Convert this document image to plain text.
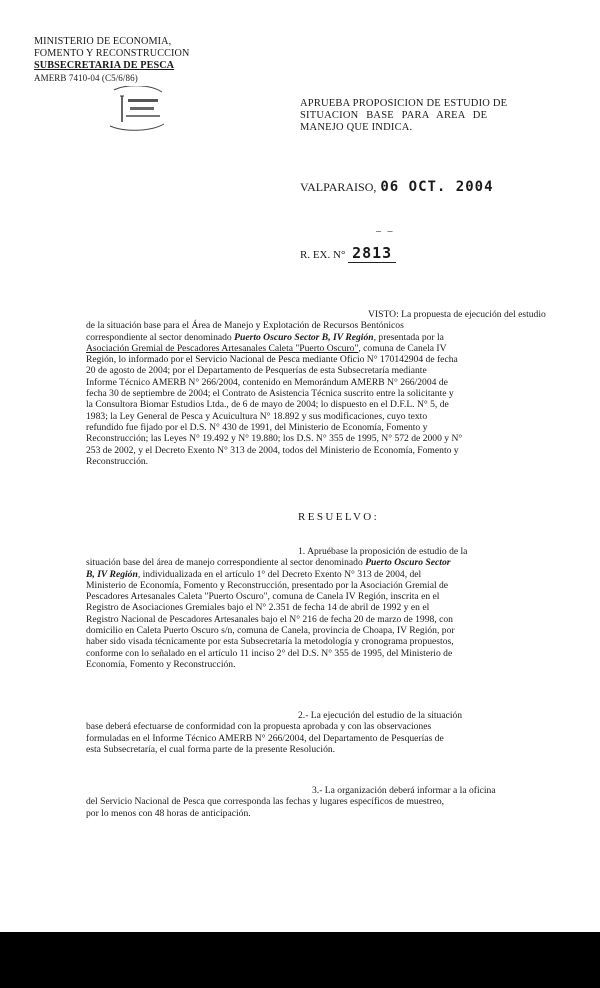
MINISTERIO DE ECONOMIA,
FOMENTO Y RECONSTRUCCION
SUBSECRETARIA DE PESCA
AMERB 7410-04 (C5/6/86)
APRUEBA PROPOSICION DE ESTUDIO DE
SITUACION BASE PARA AREA DE
MANEJO QUE INDICA.
VALPARAISO, 06 OCT. 2004
– –
R. EX. N° 2813
VISTO: La propuesta de ejecución del estudio
de la situación base para el Área de Manejo y Explotación de Recursos Bentónicos
correspondiente al sector denominado Puerto Oscuro Sector B, IV Región, presentada por la
Asociación Gremial de Pescadores Artesanales Caleta "Puerto Oscuro", comuna de Canela IV
Región, lo informado por el Servicio Nacional de Pesca mediante Oficio N° 170142904 de fecha
20 de agosto de 2004; por el Departamento de Pesquerías de esta Subsecretaría mediante
Informe Técnico AMERB N° 266/2004, contenido en Memorándum AMERB N° 266/2004 de
fecha 30 de septiembre de 2004; el Contrato de Asistencia Técnica suscrito entre la solicitante y
la Consultora Biomar Estudios Ltda., de 6 de mayo de 2004; lo dispuesto en el D.F.L. N° 5, de
1983; la Ley General de Pesca y Acuicultura N° 18.892 y sus modificaciones, cuyo texto
refundido fue fijado por el D.S. N° 430 de 1991, del Ministerio de Economía, Fomento y
Reconstrucción; las Leyes N° 19.492 y N° 19.880; los D.S. N° 355 de 1995, N° 572 de 2000 y N°
253 de 2002, y el Decreto Exento N° 313 de 2004, todos del Ministerio de Economía, Fomento y
Reconstrucción.
RESUELVO:
1. Apruébase la proposición de estudio de la
situación base del área de manejo correspondiente al sector denominado Puerto Oscuro Sector
B, IV Región, individualizada en el artículo 1° del Decreto Exento N° 313 de 2004, del
Ministerio de Economía, Fomento y Reconstrucción, presentado por la Asociación Gremial de
Pescadores Artesanales Caleta "Puerto Oscuro", comuna de Canela IV Región, inscrita en el
Registro de Asociaciones Gremiales bajo el N° 2.351 de fecha 14 de abril de 1992 y en el
Registro Nacional de Pescadores Artesanales bajo el N° 216 de fecha 20 de marzo de 1998, con
domicilio en Caleta Puerto Oscuro s/n, comuna de Canela, provincia de Choapa, IV Región, por
haber sido visada técnicamente por esta Subsecretaría la metodología y cronograma propuestos,
conforme con lo señalado en el artículo 11 inciso 2° del D.S. N° 355 de 1995, del Ministerio de
Economía, Fomento y Reconstrucción.
2.- La ejecución del estudio de la situación
base deberá efectuarse de conformidad con la propuesta aprobada y con las observaciones
formuladas en el Informe Técnico AMERB N° 266/2004, del Departamento de Pesquerías de
esta Subsecretaría, el cual forma parte de la presente Resolución.
3.- La organización deberá informar a la oficina
del Servicio Nacional de Pesca que corresponda las fechas y lugares específicos de muestreo,
por lo menos con 48 horas de anticipación.
